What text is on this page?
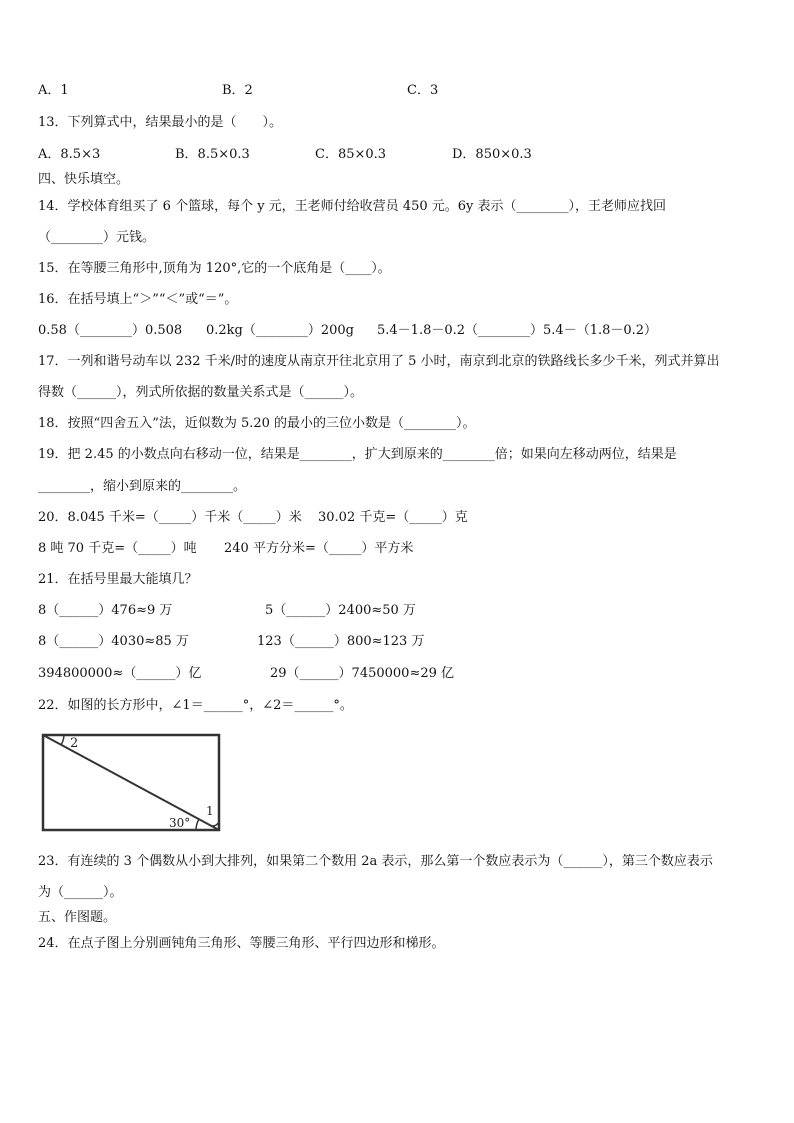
A．1	B．2	C．3
13．下列算式中，结果最小的是（　　）。
A．8.5×3	B．8.5×0.3	C．85×0.3	D．850×0.3
四、快乐填空。
14．学校体育组买了 6 个篮球，每个 y 元，王老师付给收营员 450 元。6y 表示（________），王老师应找回
（________）元钱。
15．在等腰三角形中,顶角为 120°,它的一个底角是（____）。
16．在括号填上“＞”“＜”或“＝”。
0.58（________）0.508 0.2kg（________）200g 5.4－1.8－0.2（________）5.4－（1.8－0.2）
17．一列和谐号动车以 232 千米/时的速度从南京开往北京用了 5 小时，南京到北京的铁路线长多少千米，列式并算出
得数（______），列式所依据的数量关系式是（______）。
18．按照“四舍五入”法，近似数为 5.20 的最小的三位小数是（________）。
19．把 2.45 的小数点向右移动一位，结果是________，扩大到原来的________倍；如果向左移动两位，结果是
________，缩小到原来的________。
20．8.045 千米=（_____）千米（_____）米 30.02 千克=（_____）克
8 吨 70 千克=（_____）吨 240 平方分米=（_____）平方米
21．在括号里最大能填几？
8（______）476≈9 万	5（______）2400≈50 万
8（______）4030≈85 万	123（______）800≈123 万
394800000≈（______）亿	29（______）7450000≈29 亿
22．如图的长方形中，∠1＝______°，∠2＝______°。
2
1
30°
23．有连续的 3 个偶数从小到大排列，如果第二个数用 2a 表示，那么第一个数应表示为（______），第三个数应表示
为（______）。
五、作图题。
24．在点子图上分别画钝角三角形、等腰三角形、平行四边形和梯形。
